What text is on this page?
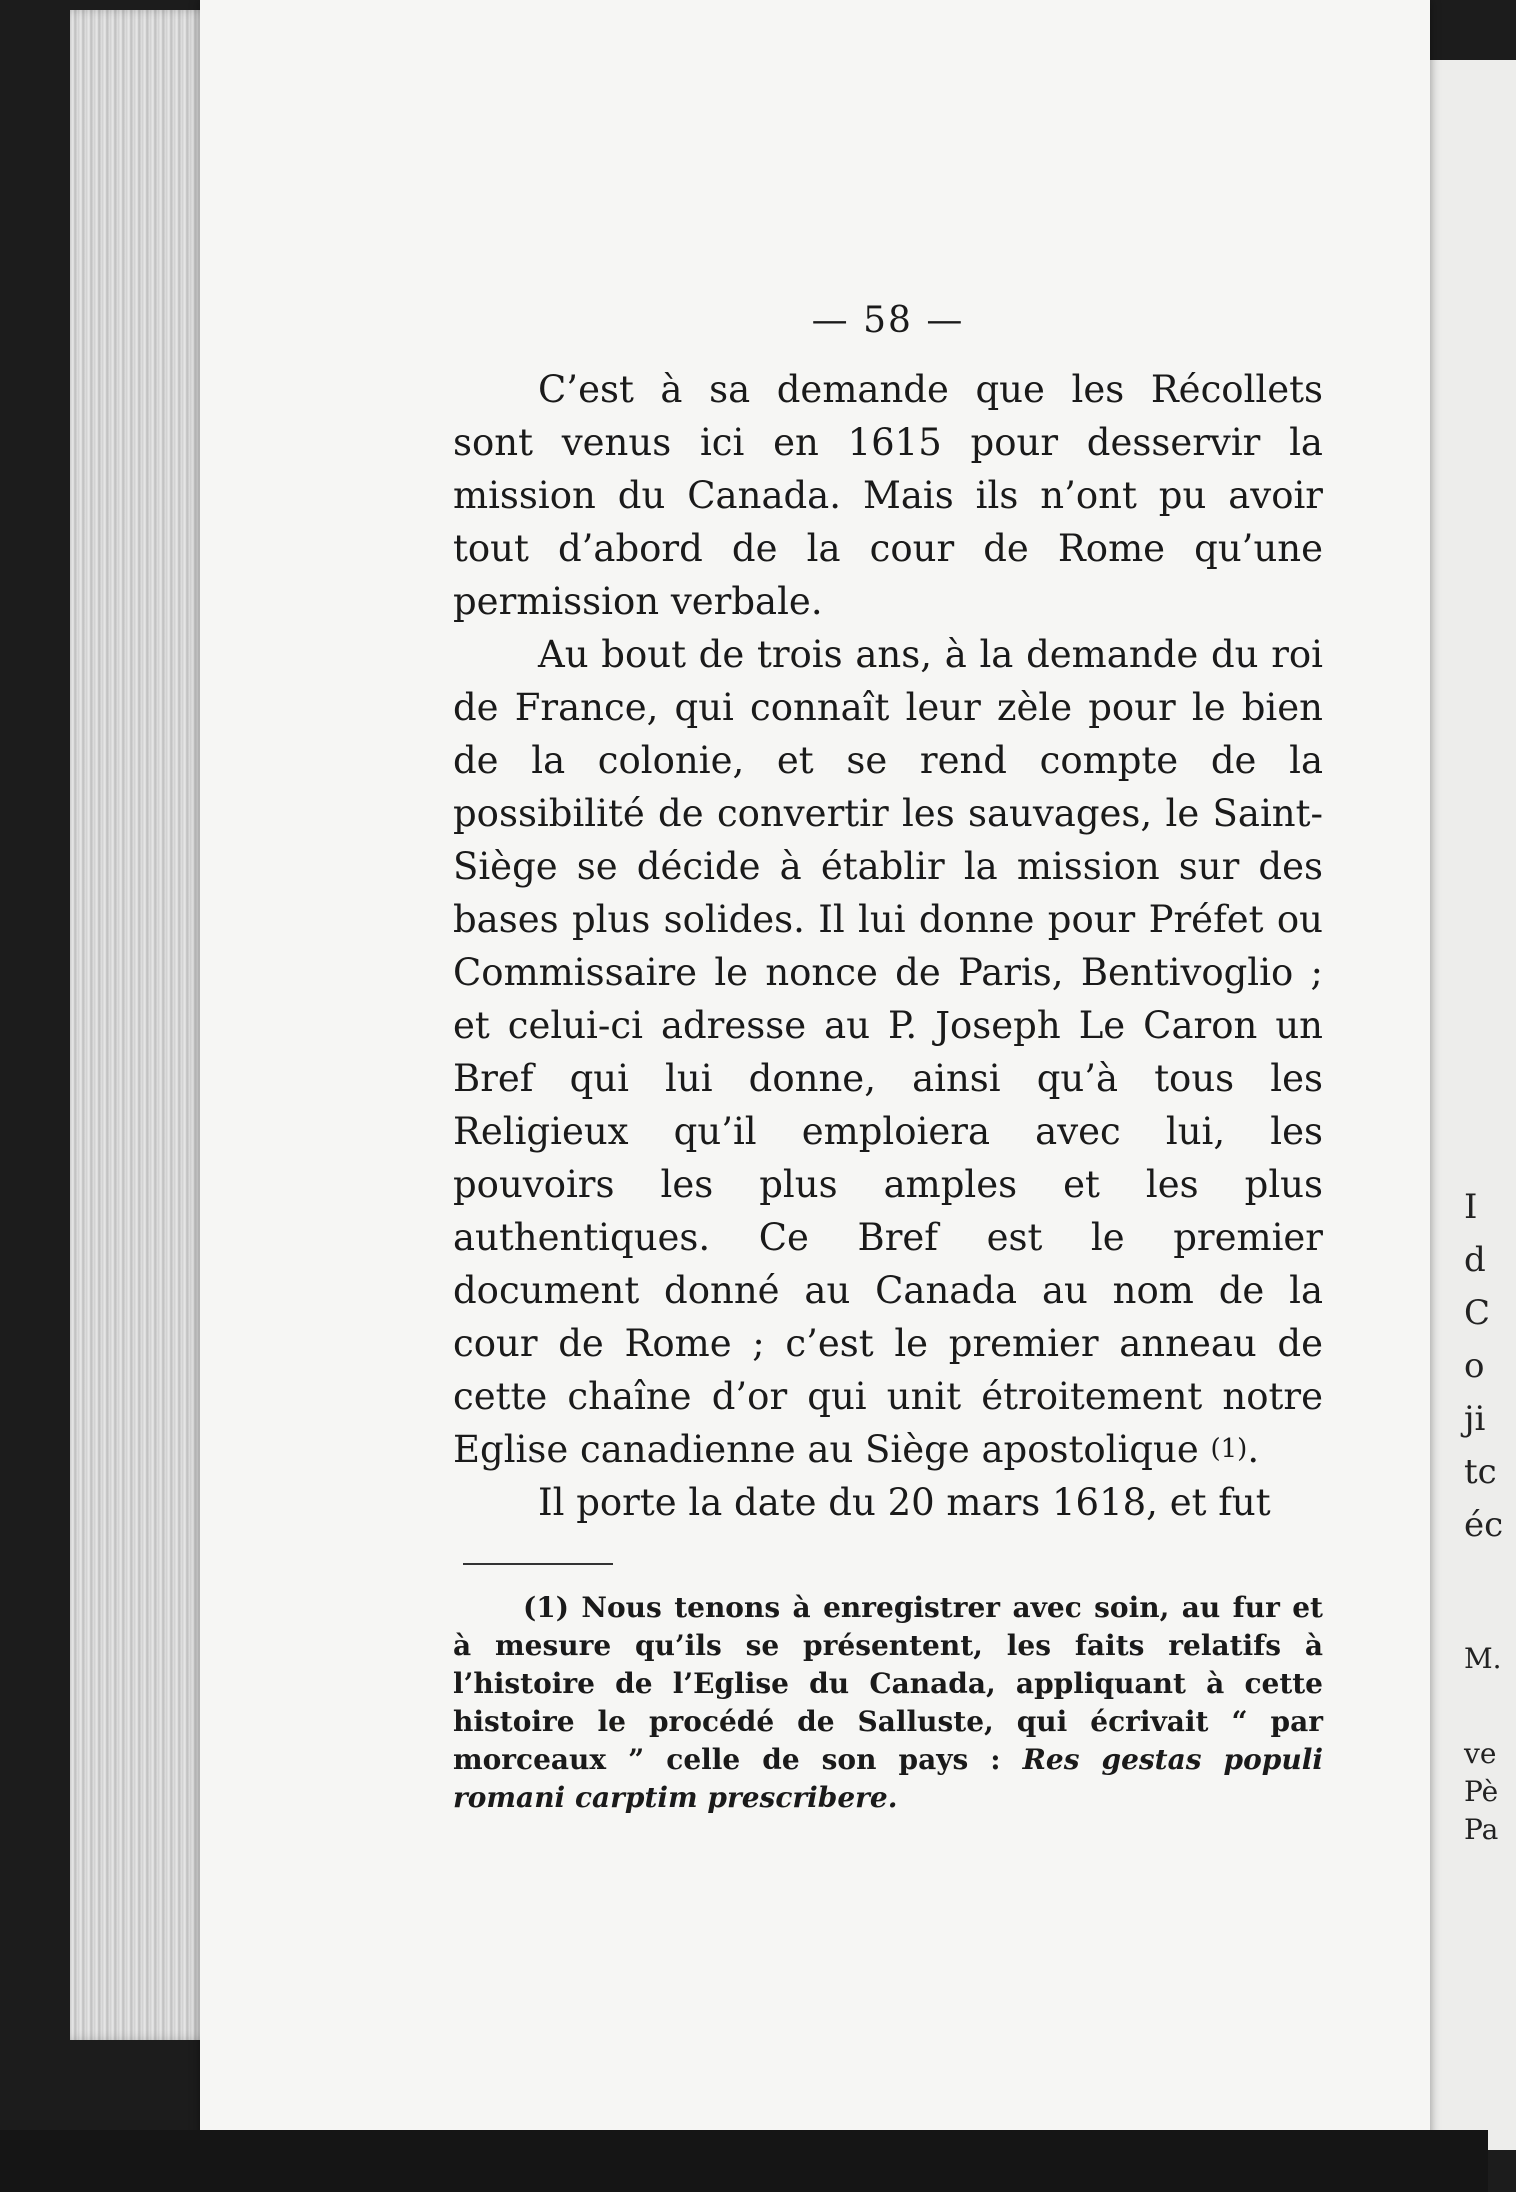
I
d
C
o
ji
tc
éc
M.
ve
Pè
Pa
— 58 —

C’est à sa demande que les Récollets sont venus ici en 1615 pour desservir la mission du Canada. Mais ils n’ont pu avoir tout d’abord de la cour de Rome qu’une permission verbale.

Au bout de trois ans, à la demande du roi de France, qui connaît leur zèle pour le bien de la colonie, et se rend compte de la possibilité de convertir les sauvages, le Saint-Siège se décide à établir la mission sur des bases plus solides. Il lui donne pour Préfet ou Commissaire le nonce de Paris, Bentivoglio ; et celui-ci adresse au P. Joseph Le Caron un Bref qui lui donne, ainsi qu’à tous les Religieux qu’il emploiera avec lui, les pouvoirs les plus amples et les plus authentiques. Ce Bref est le premier document donné au Canada au nom de la cour de Rome ; c’est le premier anneau de cette chaîne d’or qui unit étroitement notre Eglise canadienne au Siège apostolique $^{(1)}$.

Il porte la date du 20 mars 1618, et fut

(1) Nous tenons à enregistrer avec soin, au fur et à mesure qu’ils se présentent, les faits relatifs à l’histoire de l’Eglise du Canada, appliquant à cette histoire le procédé de Salluste, qui écrivait “ par morceaux ” celle de son pays : Res gestas populi romani carptim prescribere.
